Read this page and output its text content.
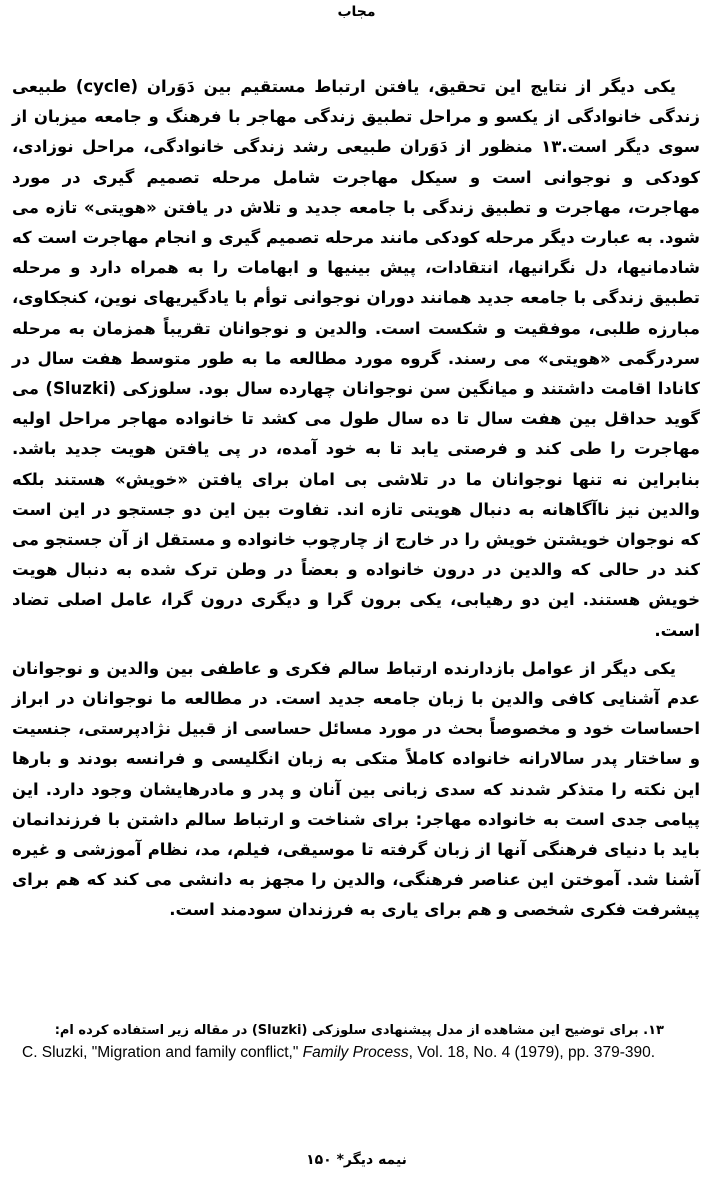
مجاب

یکی دیگر از نتایج این تحقیق، یافتن ارتباط مستقیم بین دَوَران (cycle) طبیعی زندگی خانوادگی از یکسو و مراحل تطبیق زندگی مهاجر با فرهنگ و جامعه میزبان از سوی دیگر است.۱۳ منظور از دَوَران طبیعی رشد زندگی خانوادگی، مراحل نوزادی، کودکی و نوجوانی است و سیکل مهاجرت شامل مرحله تصمیم گیری در مورد مهاجرت، مهاجرت و تطبیق زندگی با جامعه جدید و تلاش در یافتن «هویتی» تازه می شود. به عبارت دیگر مرحله کودکی مانند مرحله تصمیم گیری و انجام مهاجرت است که شادمانیها، دل نگرانیها، انتقادات، پیش بینیها و ابهامات را به همراه دارد و مرحله تطبیق زندگی با جامعه جدید همانند دوران نوجوانی توأم با یادگیریهای نوین، کنجکاوی، مبارزه طلبی، موفقیت و شکست است. والدین و نوجوانان تقریباً همزمان به مرحله سردرگمی «هویتی» می رسند. گروه مورد مطالعه ما به طور متوسط هفت سال در کانادا اقامت داشتند و میانگین سن نوجوانان چهارده سال بود. سلوزکی (Sluzki) می گوید حداقل بین هفت سال تا ده سال طول می کشد تا خانواده مهاجر مراحل اولیه مهاجرت را طی کند و فرصتی یابد تا به خود آمده، در پی یافتن هویت جدید باشد. بنابراین نه تنها نوجوانان ما در تلاشی بی امان برای یافتن «خویش» هستند بلکه والدین نیز ناآگاهانه به دنبال هویتی تازه اند. تفاوت بین این دو جستجو در این است که نوجوان خویشتن خویش را در خارج از چارچوب خانواده و مستقل از آن جستجو می کند در حالی که والدین در درون خانواده و بعضاً در وطن ترک شده به دنبال هویت خویش هستند. این دو رهیابی، یکی برون گرا و دیگری درون گرا، عامل اصلی تضاد است.

یکی دیگر از عوامل بازدارنده ارتباط سالم فکری و عاطفی بین والدین و نوجوانان عدم آشنایی کافی والدین با زبان جامعه جدید است. در مطالعه ما نوجوانان در ابراز احساسات خود و مخصوصاً بحث در مورد مسائل حساسی از قبیل نژادپرستی، جنسیت و ساختار پدر سالارانه خانواده کاملاً متکی به زبان انگلیسی و فرانسه بودند و بارها این نکته را متذکر شدند که سدی زبانی بین آنان و پدر و مادرهایشان وجود دارد. این پیامی جدی است به خانواده مهاجر: برای شناخت و ارتباط سالم داشتن با فرزندانمان باید با دنیای فرهنگی آنها از زبان گرفته تا موسیقی، فیلم، مد، نظام آموزشی و غیره آشنا شد. آموختن این عناصر فرهنگی، والدین را مجهز به دانشی می کند که هم برای پیشرفت فکری شخصی و هم برای یاری به فرزندان سودمند است.

۱۳. برای توضیح این مشاهده از مدل پیشنهادی سلوزکی (Sluzki) در مقاله زیر استفاده کرده ام:
C. Sluzki, "Migration and family conflict," Family Process, Vol. 18, No. 4 (1979), pp. 379-390.
نیمه دیگر* ۱۵۰
